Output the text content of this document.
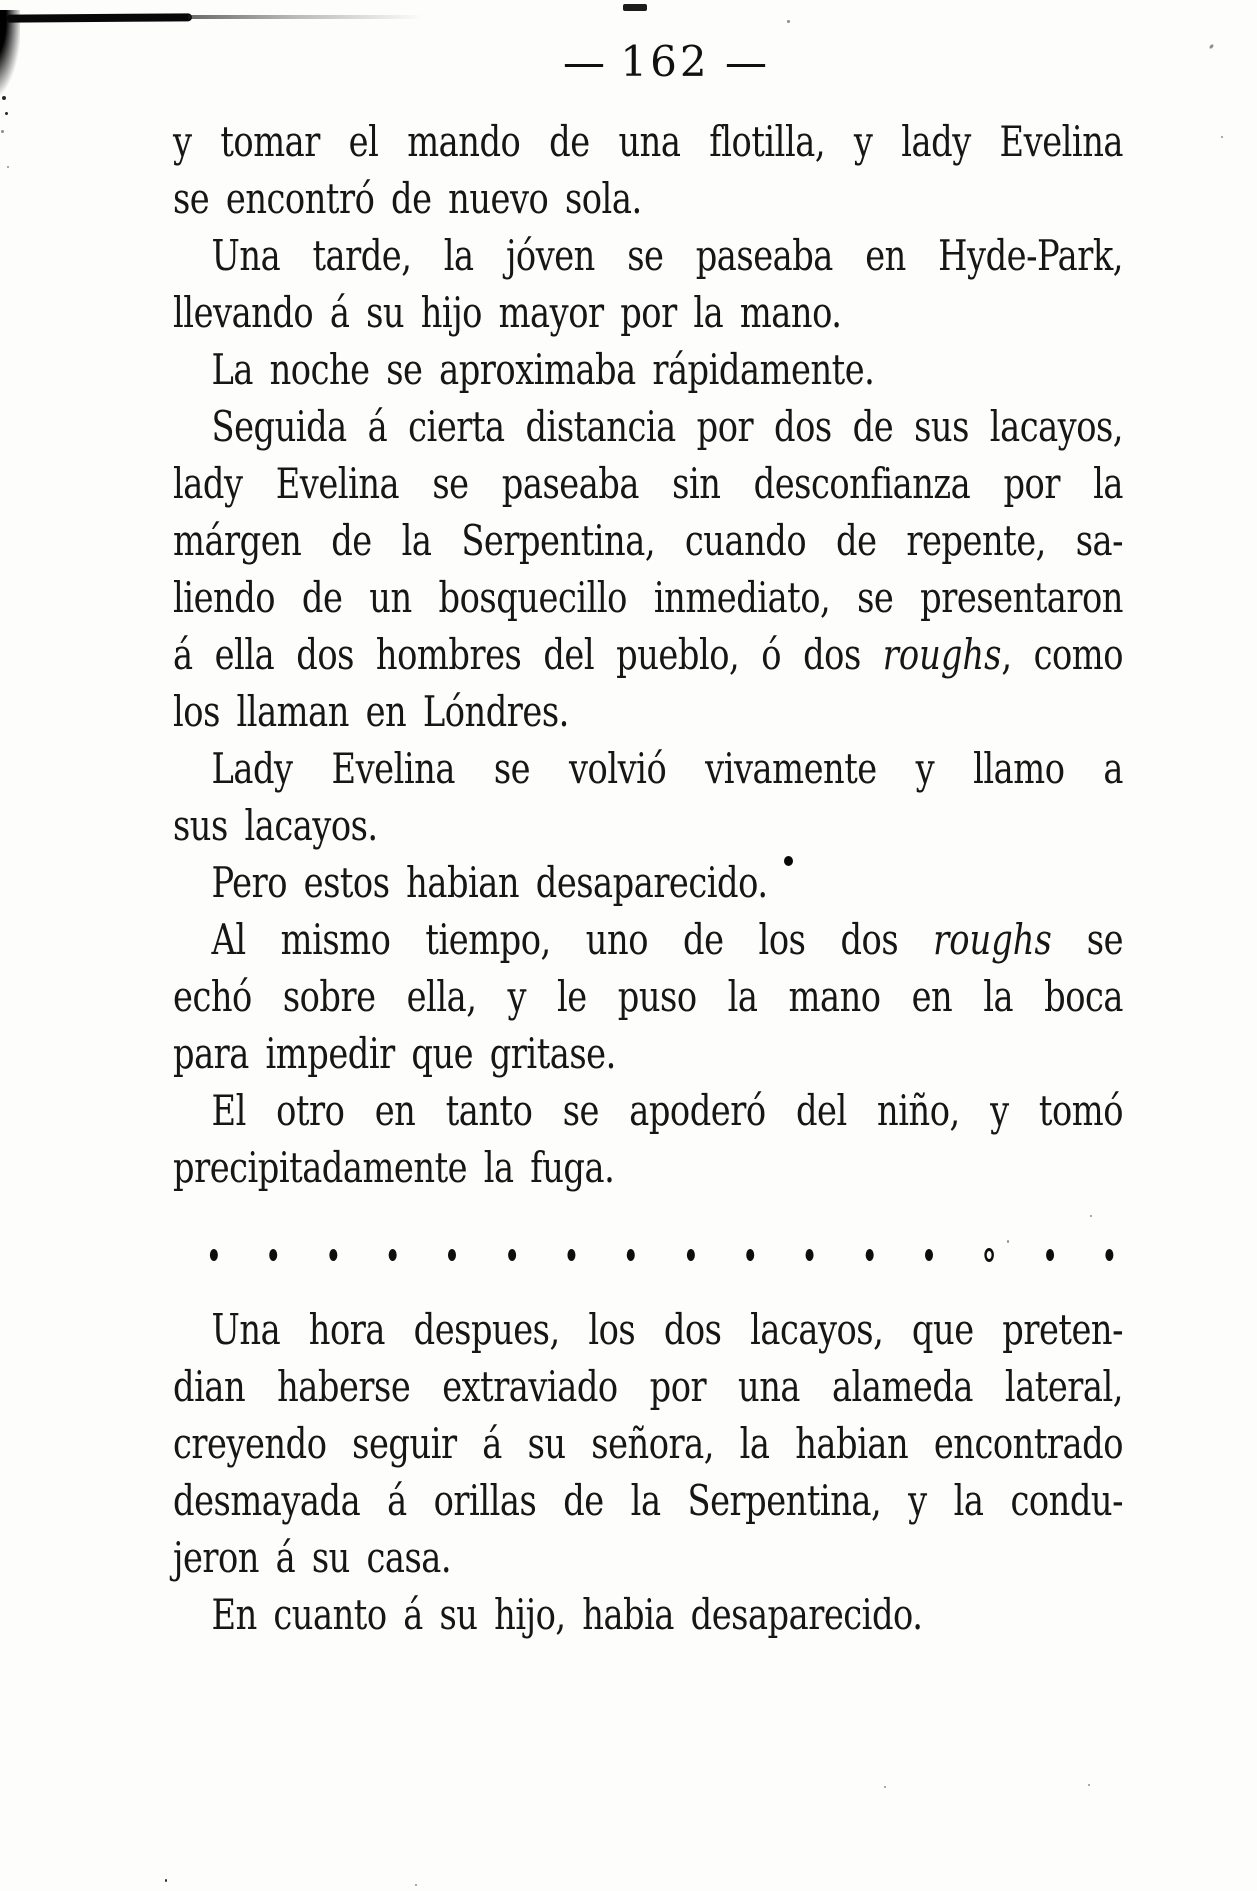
— 162 —
y tomar el mando de una flotilla, y lady Evelina
se encontró de nuevo sola.
Una tarde, la jóven se paseaba en Hyde-Park,
llevando á su hijo mayor por la mano.
La noche se aproximaba rápidamente.
Seguida á cierta distancia por dos de sus lacayos,
lady Evelina se paseaba sin desconfianza por la
márgen de la Serpentina, cuando de repente, sa-
liendo de un bosquecillo inmediato, se presentaron
á ella dos hombres del pueblo, ó dos roughs, como
los llaman en Lóndres.
Lady Evelina se volvió vivamente y llamo a
sus lacayos.
Pero estos habian desaparecido.
Al mismo tiempo, uno de los dos roughs se
echó sobre ella, y le puso la mano en la boca
para impedir que gritase.
El otro en tanto se apoderó del niño, y tomó
precipitadamente la fuga.
Una hora despues, los dos lacayos, que preten-
dian haberse extraviado por una alameda lateral,
creyendo seguir á su señora, la habian encontrado
desmayada á orillas de la Serpentina, y la condu-
jeron á su casa.
En cuanto á su hijo, habia desaparecido.
